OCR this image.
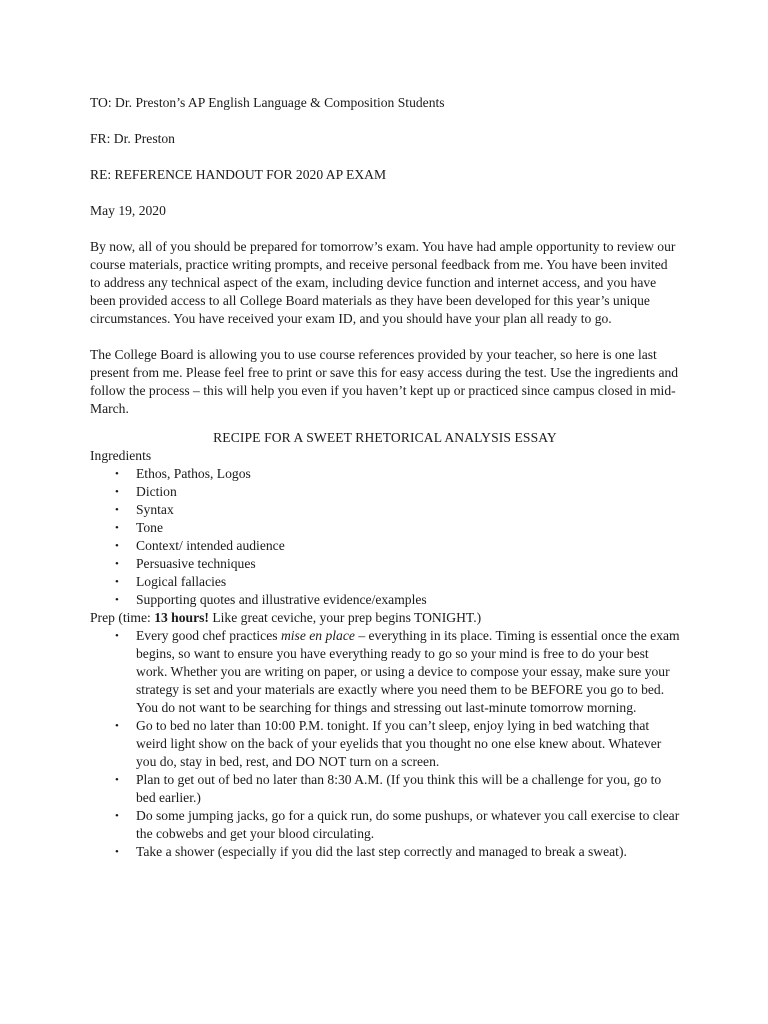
TO: Dr. Preston’s AP English Language & Composition Students

FR: Dr. Preston

RE: REFERENCE HANDOUT FOR 2020 AP EXAM

May 19, 2020

By now, all of you should be prepared for tomorrow’s exam. You have had ample opportunity to review our course materials, practice writing prompts, and receive personal feedback from me. You have been invited to address any technical aspect of the exam, including device function and internet access, and you have been provided access to all College Board materials as they have been developed for this year’s unique circumstances. You have received your exam ID, and you should have your plan all ready to go.

The College Board is allowing you to use course references provided by your teacher, so here is one last present from me. Please feel free to print or save this for easy access during the test. Use the ingredients and follow the process – this will help you even if you haven’t kept up or practiced since campus closed in mid-March.

RECIPE FOR A SWEET RHETORICAL ANALYSIS ESSAY

Ingredients

• Ethos, Pathos, Logos
• Diction
• Syntax
• Tone
• Context/ intended audience
• Persuasive techniques
• Logical fallacies
• Supporting quotes and illustrative evidence/examples

Prep (time: 13 hours! Like great ceviche, your prep begins TONIGHT.)

• Every good chef practices mise en place – everything in its place. Timing is essential once the exam begins, so want to ensure you have everything ready to go so your mind is free to do your best work. Whether you are writing on paper, or using a device to compose your essay, make sure your strategy is set and your materials are exactly where you need them to be BEFORE you go to bed. You do not want to be searching for things and stressing out last-minute tomorrow morning.
• Go to bed no later than 10:00 P.M. tonight. If you can’t sleep, enjoy lying in bed watching that weird light show on the back of your eyelids that you thought no one else knew about. Whatever you do, stay in bed, rest, and DO NOT turn on a screen.
• Plan to get out of bed no later than 8:30 A.M. (If you think this will be a challenge for you, go to bed earlier.)
• Do some jumping jacks, go for a quick run, do some pushups, or whatever you call exercise to clear the cobwebs and get your blood circulating.
• Take a shower (especially if you did the last step correctly and managed to break a sweat).
